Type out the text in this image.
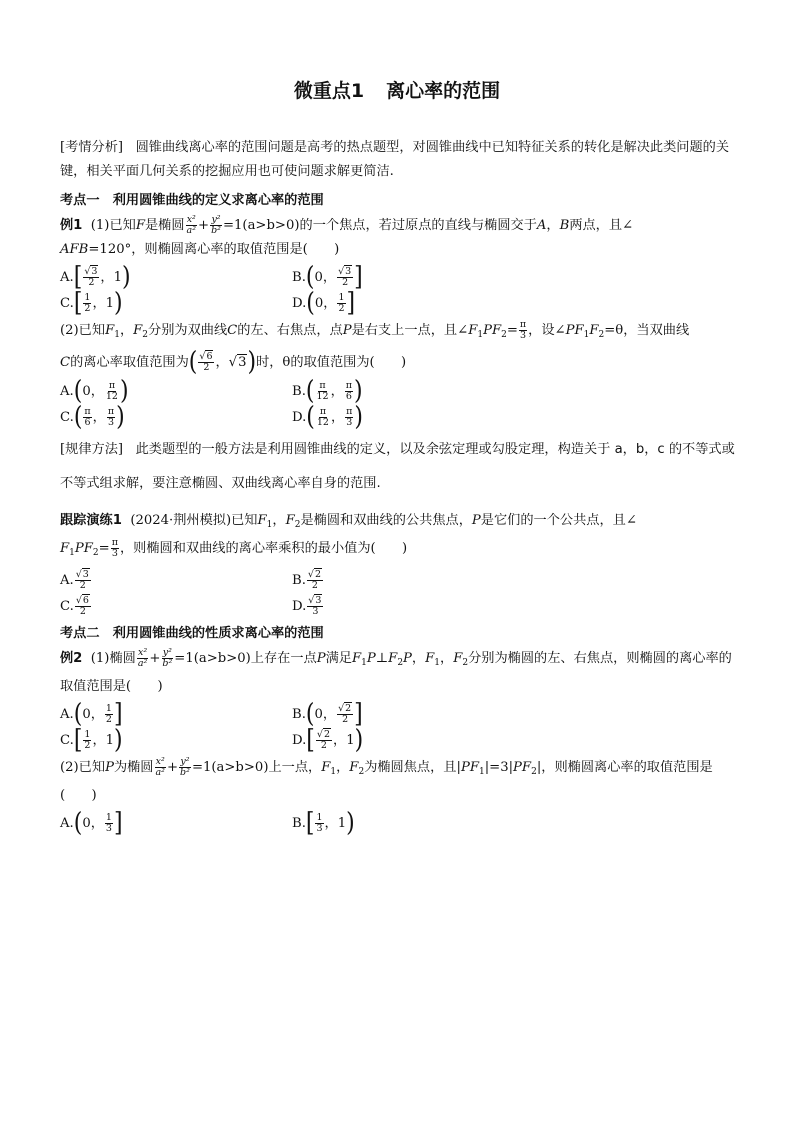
微重点1 离心率的范围

[考情分析] 圆锥曲线离心率的范围问题是高考的热点题型，对圆锥曲线中已知特征关系的转化是解决此类问题的关键，相关平面几何关系的挖掘应用也可使问题求解更简洁.

考点一　利用圆锥曲线的定义求离心率的范围

例1 (1)已知F是椭圆 $\frac{\text{x²}}{\text{a²}} + \frac{\text{y²}}{\text{b²}} =1(a>b>0)$的一个焦点，若过原点的直线与椭圆交于A，B两点，且∠
AFB=120°，则椭圆离心率的取值范围是(　　)

$A.[ \frac{√3}{2}$ ，1)	B.(0， $\frac{√3}{2}$ ]
$C.[ \frac{1}{2}$ ，1)	D.(0， $\frac{1}{2}$ ]

(2)已知$F_1$，$F_2$分别为双曲线C的左、右焦点，点P是右支上一点，且$\angle F_1PF_2= \frac{\pi}{3}$ ，设$\angle PF_1F_2=\theta$，当双曲线
C的离心率取值范围为( $\frac{√6}{2}$ ，√3)时，θ的取值范围为(　　)

A.(0， $\frac{\pi}{12}$ )	$B.( \frac{\pi}{12}$ ， $\frac{\pi}{6}$ )
$C.( \frac{\pi}{6}$ ， $\frac{\pi}{3}$ )	$D.( \frac{\pi}{12}$ ， $\frac{\pi}{3}$ )

[规律方法] 此类题型的一般方法是利用圆锥曲线的定义，以及余弦定理或勾股定理，构造关于 a，b，c 的不等式或不等式组求解，要注意椭圆、双曲线离心率自身的范围.

跟踪演练1 (2024·荆州模拟)已知$F_1$，$F_2$是椭圆和双曲线的公共焦点，P是它们的一个公共点，且∠
$F_1PF_2= \frac{\pi}{3}$ ，则椭圆和双曲线的离心率乘积的最小值为(　　)

A. $\frac{√3}{2}$	B. $\frac{√2}{2}$
C. $\frac{√6}{2}$	D. $\frac{√3}{3}$
考点二　利用圆锥曲线的性质求离心率的范围

例2 (1)椭圆 $\frac{\text{x²}}{\text{a²}} + \frac{\text{y²}}{\text{b²}} =1(a>b>0)$上存在一点P满足$F_1P\perp F_2P$，$F_1$，$F_2$分别为椭圆的左、右焦点，则椭圆的离心率的取值范围是(　　)

A.(0， $\frac{1}{2}$ ]	B.(0， $\frac{√2}{2}$ ]
$C.[ \frac{1}{2}$ ，1)	$D.[ \frac{√2}{2}$ ，1)

(2)已知P为椭圆 $\frac{\text{x²}}{\text{a²}} + \frac{\text{y²}}{\text{b²}} =1(a>b>0)$上一点，$F_1$，$F_2$为椭圆焦点，且$|PF_1|=3|PF_2|$，则椭圆离心率的取值范围是(　　)

A.(0， $\frac{1}{3}$ ]	$B.[ \frac{1}{3}$ ，1)
